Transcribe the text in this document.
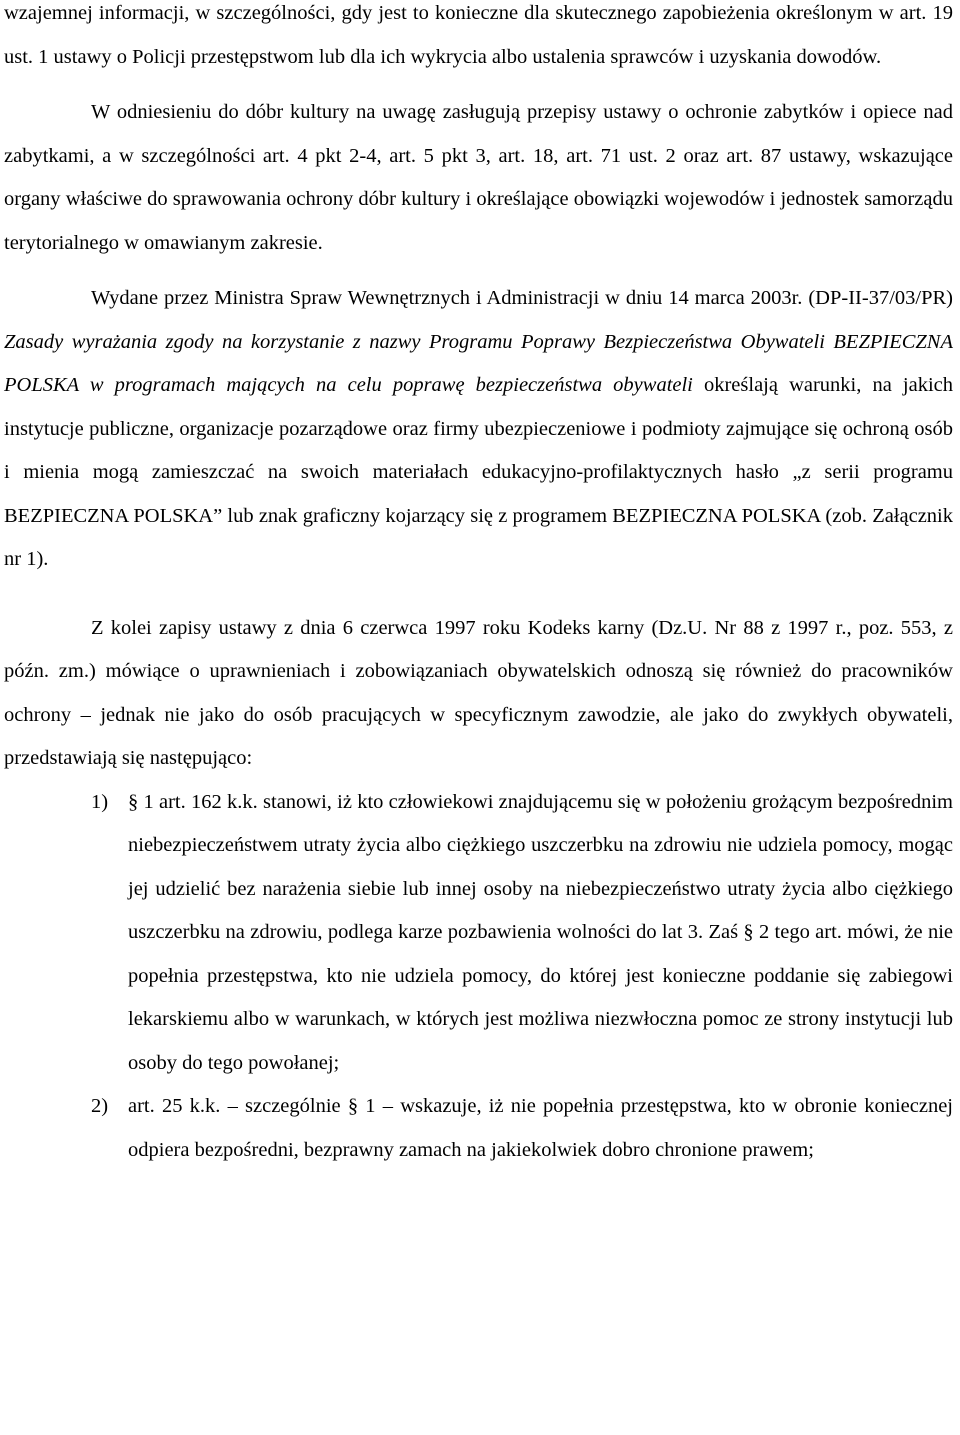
wzajemnej informacji, w szczególności, gdy jest to konieczne dla skutecznego zapobieżenia określonym w art. 19 ust. 1 ustawy o Policji przestępstwom lub dla ich wykrycia albo ustalenia sprawców i uzyskania dowodów.

W odniesieniu do dóbr kultury na uwagę zasługują przepisy ustawy o ochronie zabytków i opiece nad zabytkami, a w szczególności art. 4 pkt 2-4, art. 5 pkt 3, art. 18, art. 71 ust. 2 oraz art. 87 ustawy, wskazujące organy właściwe do sprawowania ochrony dóbr kultury i określające obowiązki wojewodów i jednostek samorządu terytorialnego w omawianym zakresie.

Wydane przez Ministra Spraw Wewnętrznych i Administracji w dniu 14 marca 2003r. (DP-II-37/03/PR) Zasady wyrażania zgody na korzystanie z nazwy Programu Poprawy Bezpieczeństwa Obywateli BEZPIECZNA POLSKA w programach mających na celu poprawę bezpieczeństwa obywateli określają warunki, na jakich instytucje publiczne, organizacje pozarządowe oraz firmy ubezpieczeniowe i podmioty zajmujące się ochroną osób i mienia mogą zamieszczać na swoich materiałach edukacyjno-profilaktycznych hasło „z serii programu BEZPIECZNA POLSKA” lub znak graficzny kojarzący się z programem BEZPIECZNA POLSKA (zob. Załącznik nr 1).

Z kolei zapisy ustawy z dnia 6 czerwca 1997 roku Kodeks karny (Dz.U. Nr 88 z 1997 r., poz. 553, z późn. zm.) mówiące o uprawnieniach i zobowiązaniach obywatelskich odnoszą się również do pracowników ochrony – jednak nie jako do osób pracujących w specyficznym zawodzie, ale jako do zwykłych obywateli, przedstawiają się następująco:

1) § 1 art. 162 k.k. stanowi, iż kto człowiekowi znajdującemu się w położeniu grożącym bezpośrednim niebezpieczeństwem utraty życia albo ciężkiego uszczerbku na zdrowiu nie udziela pomocy, mogąc jej udzielić bez narażenia siebie lub innej osoby na niebezpieczeństwo utraty życia albo ciężkiego uszczerbku na zdrowiu, podlega karze pozbawienia wolności do lat 3. Zaś § 2 tego art. mówi, że nie popełnia przestępstwa, kto nie udziela pomocy, do której jest konieczne poddanie się zabiegowi lekarskiemu albo w warunkach, w których jest możliwa niezwłoczna pomoc ze strony instytucji lub osoby do tego powołanej;
2) art. 25 k.k. – szczególnie § 1 – wskazuje, iż nie popełnia przestępstwa, kto w obronie koniecznej odpiera bezpośredni, bezprawny zamach na jakiekolwiek dobro chronione prawem;
